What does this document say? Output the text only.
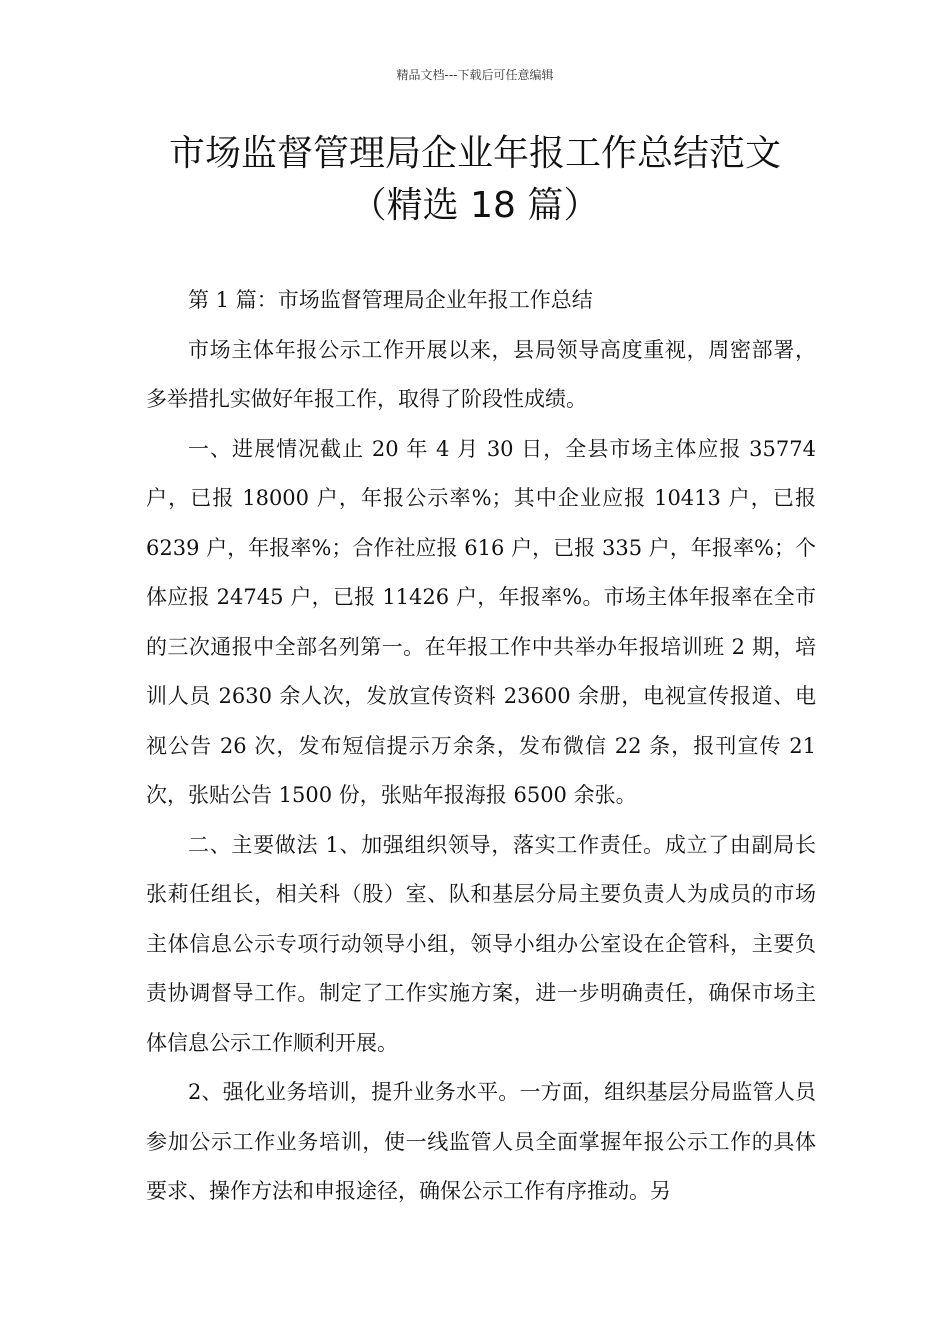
精品文档---下载后可任意编辑
市场监督管理局企业年报工作总结范文
（精选 18 篇）

第 1 篇：市场监督管理局企业年报工作总结

市场主体年报公示工作开展以来，县局领导高度重视，周密部署，多举措扎实做好年报工作，取得了阶段性成绩。

一、进展情况截止 20 年 4 月 30 日，全县市场主体应报 35774 户，已报 18000 户，年报公示率%；其中企业应报 10413 户，已报 6239 户，年报率%；合作社应报 616 户，已报 335 户，年报率%；个体应报 24745 户，已报 11426 户，年报率%。市场主体年报率在全市的三次通报中全部名列第一。在年报工作中共举办年报培训班 2 期，培训人员 2630 余人次，发放宣传资料 23600 余册，电视宣传报道、电视公告 26 次，发布短信提示万余条，发布微信 22 条，报刊宣传 21 次，张贴公告 1500 份，张贴年报海报 6500 余张。

二、主要做法 1、加强组织领导，落实工作责任。成立了由副局长张莉任组长，相关科（股）室、队和基层分局主要负责人为成员的市场主体信息公示专项行动领导小组，领导小组办公室设在企管科，主要负责协调督导工作。制定了工作实施方案，进一步明确责任，确保市场主体信息公示工作顺利开展。

2、强化业务培训，提升业务水平。一方面，组织基层分局监管人员参加公示工作业务培训，使一线监管人员全面掌握年报公示工作的具体要求、操作方法和申报途径，确保公示工作有序推动。另
